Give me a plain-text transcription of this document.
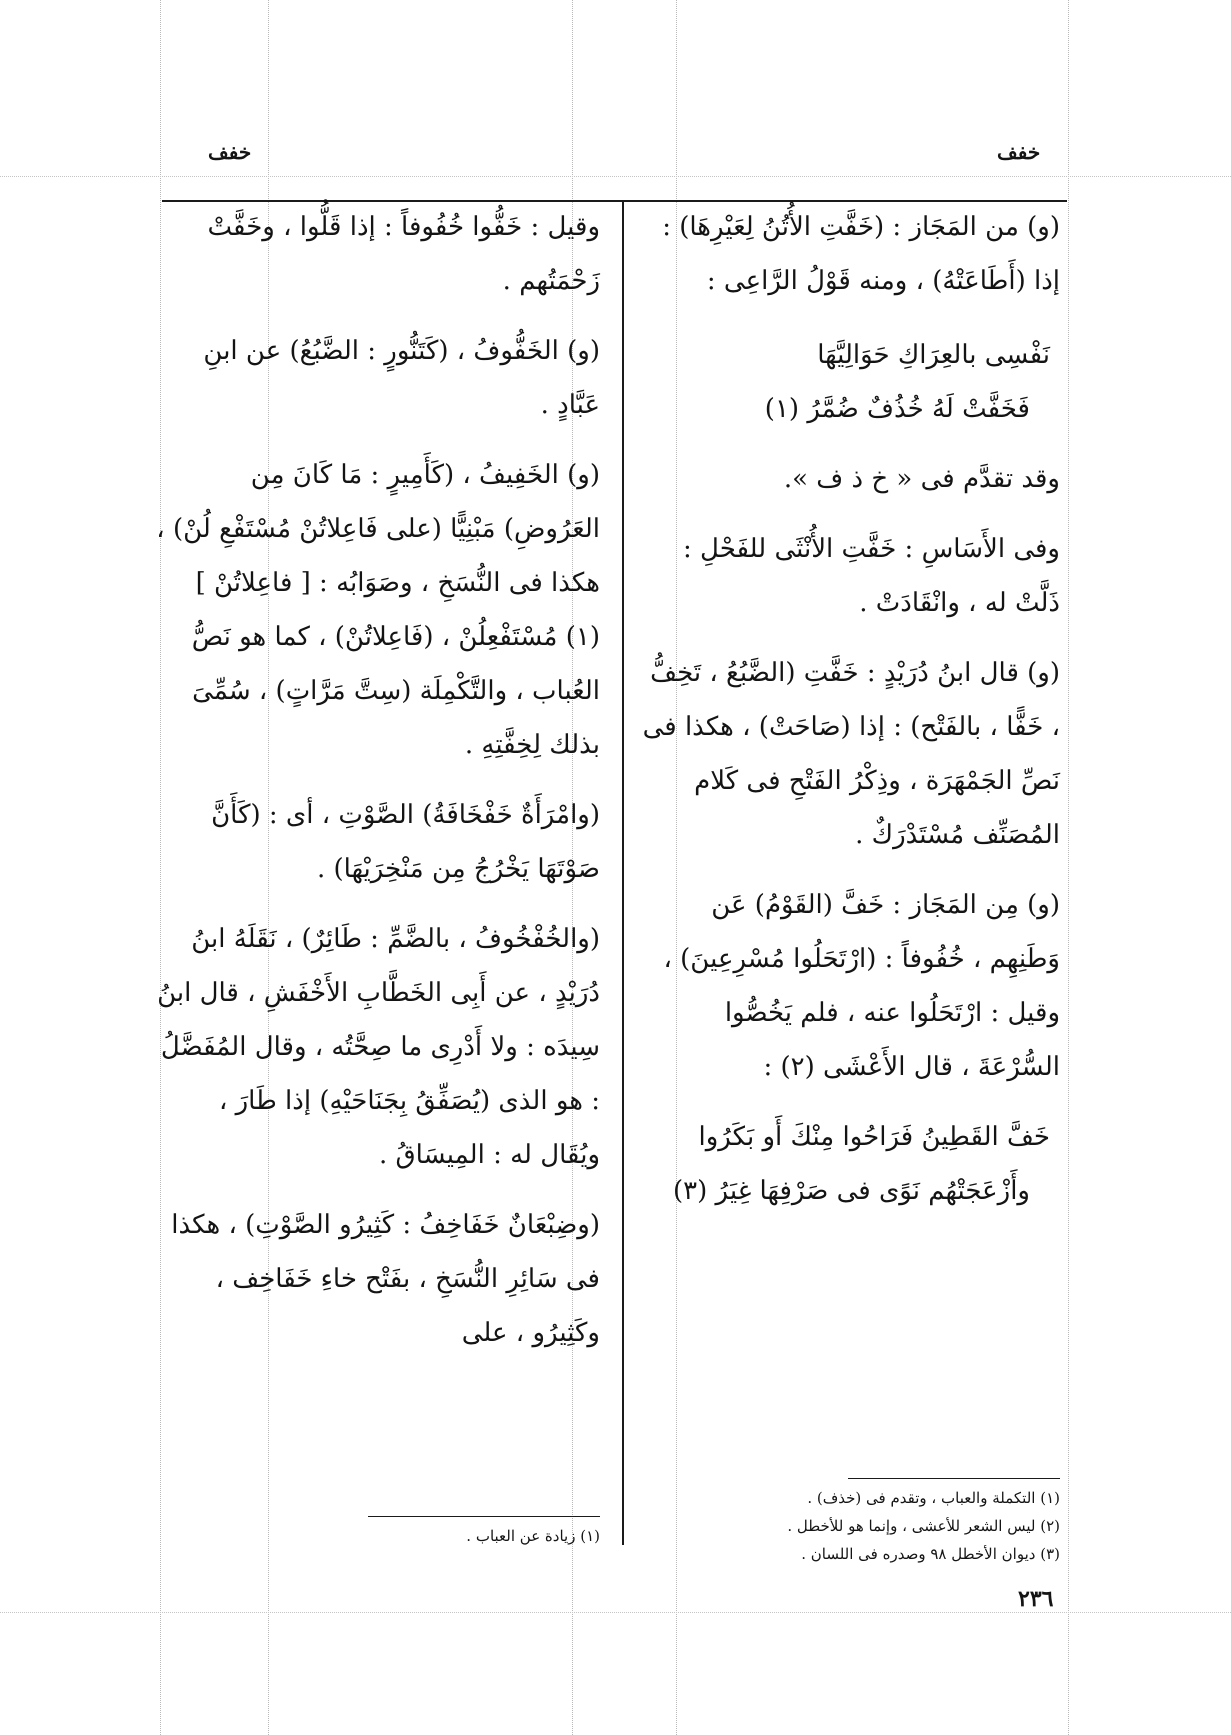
خفف
خفف

(و) من المَجَاز : (خَفَّتِ الأُتُنُ لِعَيْرِهَا) : إذا (أَطَاعَتْهُ) ، ومنه قَوْلُ الرَّاعِى :

نَفْسِى بالعِرَاكِ حَوَالِيَّهَا
فَخَفَّتْ لَهُ خُذُفٌ ضُمَّرُ (١)

وقد تقدَّم فى « خ ذ ف ».

وفى الأَسَاسِ : خَفَّتِ الأُنْثَى للفَحْلِ : ذَلَّتْ له ، وانْقَادَتْ .

(و) قال ابنُ دُرَيْدٍ : خَفَّتِ (الضَّبُعُ ، تَخِفُّ ، خَفًّا ، بالفَتْح) : إذا (صَاحَتْ) ، هكذا فى نَصِّ الجَمْهَرَة ، وذِكْرُ الفَتْحِ فى كَلام المُصَنِّف مُسْتَدْرَكٌ .

(و) مِن المَجَاز : خَفَّ (القَوْمُ) عَن وَطَنِهِم ، خُفُوفاً : (ارْتَحَلُوا مُسْرِعِينَ) ، وقيل : ارْتَحَلُوا عنه ، فلم يَخُصُّوا السُّرْعَةَ ، قال الأَعْشَى (٢) :

خَفَّ القَطِينُ فَرَاحُوا مِنْكَ أَو بَكَرُوا
وأَزْعَجَتْهُم نَوًى فى صَرْفِهَا غِيَرُ (٣)
(١) التكملة والعباب ، وتقدم فى (خذف) .
(٢) ليس الشعر للأعشى ، وإنما هو للأخطل .
(٣) ديوان الأخطل ٩٨ وصدره فى اللسان .

وقيل : خَفُّوا خُفُوفاً : إذا قَلُّوا ، وخَفَّتْ زَحْمَتُهم .

(و) الخَفُّوفُ ، (كَتَنُّورٍ : الضَّبُعُ) عن ابنِ عَبَّادٍ .

(و) الخَفِيفُ ، (كَأَمِيرٍ : مَا كَانَ مِن العَرُوضِ) مَبْنِيًّا (على فَاعِلاتُنْ مُسْتَفْعِ لُنْ) ، هكذا فى النُّسَخِ ، وصَوَابُه : [ فاعِلاتُنْ ] (١) مُسْتَفْعِلُنْ ، (فَاعِلاتُنْ) ، كما هو نَصُّ العُباب ، والتَّكْمِلَة (سِتَّ مَرَّاتٍ) ، سُمِّىَ بذلك لِخِفَّتِهِ .

(وامْرَأَةٌ خَفْخَافَةُ) الصَّوْتِ ، أى : (كَأَنَّ صَوْتَهَا يَخْرُجُ مِن مَنْخِرَيْهَا) .

(والخُفْخُوفُ ، بالضَّمِّ : طَائِرٌ) ، نَقَلَهُ ابنُ دُرَيْدٍ ، عن أَبِى الخَطَّابِ الأَخْفَشِ ، قال ابنُ سِيدَه : ولا أَدْرِى ما صِحَّتُه ، وقال المُفَضَّلُ : هو الذى (يُصَفِّقُ بِجَنَاحَيْهِ) إذا طَارَ ، ويُقَال له : المِيسَاقُ .

(وضِبْعَانٌ خَفَاخِفُ : كَثِيرُو الصَّوْتِ) ، هكذا فى سَائِرِ النُّسَخِ ، بفَتْح خاءِ خَفَاخِف ، وكَثِيرُو ، على

(١) زيادة عن العباب .
٢٣٦
